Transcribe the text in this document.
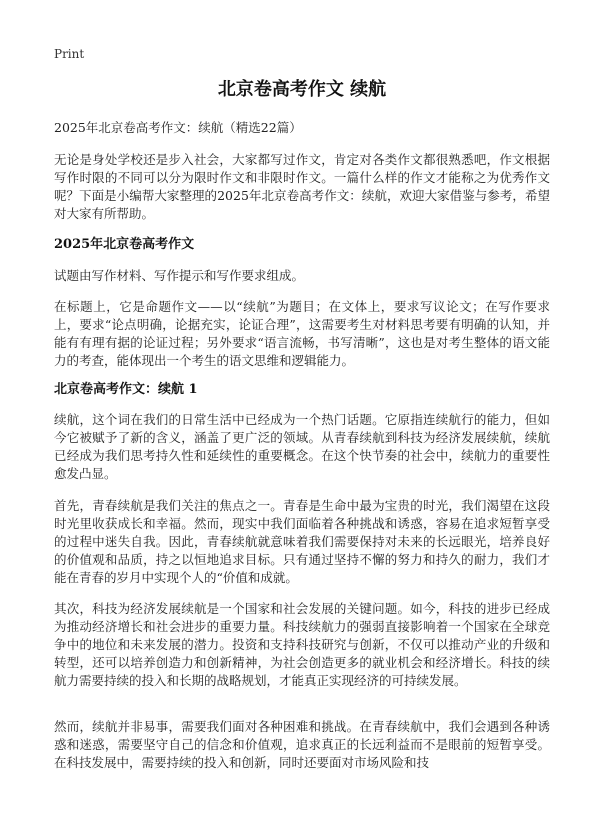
Print
北京卷高考作文 续航

2025年北京卷高考作文：续航（精选22篇）

无论是身处学校还是步入社会，大家都写过作文，肯定对各类作文都很熟悉吧，作文根据写作时限的不同可以分为限时作文和非限时作文。一篇什么样的作文才能称之为优秀作文呢？下面是小编帮大家整理的2025年北京卷高考作文：续航，欢迎大家借鉴与参考，希望对大家有所帮助。

2025年北京卷高考作文

试题由写作材料、写作提示和写作要求组成。

在标题上，它是命题作文——以“续航”为题目；在文体上，要求写议论文；在写作要求上，要求“论点明确，论据充实，论证合理”，这需要考生对材料思考要有明确的认知，并能有有理有据的论证过程；另外要求“语言流畅，书写清晰”，这也是对考生整体的语文能力的考查，能体现出一个考生的语文思维和逻辑能力。

北京卷高考作文：续航 1

续航，这个词在我们的日常生活中已经成为一个热门话题。它原指连续航行的能力，但如今它被赋予了新的含义，涵盖了更广泛的领域。从青春续航到科技为经济发展续航，续航已经成为我们思考持久性和延续性的重要概念。在这个快节奏的社会中，续航力的重要性愈发凸显。

首先，青春续航是我们关注的焦点之一。青春是生命中最为宝贵的时光，我们渴望在这段时光里收获成长和幸福。然而，现实中我们面临着各种挑战和诱惑，容易在追求短暂享受的过程中迷失自我。因此，青春续航就意味着我们需要保持对未来的长远眼光，培养良好的价值观和品质，持之以恒地追求目标。只有通过坚持不懈的努力和持久的耐力，我们才能在青春的岁月中实现个人的“价值和成就。

其次，科技为经济发展续航是一个国家和社会发展的关键问题。如今，科技的进步已经成为推动经济增长和社会进步的重要力量。科技续航力的强弱直接影响着一个国家在全球竞争中的地位和未来发展的潜力。投资和支持科技研究与创新，不仅可以推动产业的升级和转型，还可以培养创造力和创新精神，为社会创造更多的就业机会和经济增长。科技的续航力需要持续的投入和长期的战略规划，才能真正实现经济的可持续发展。

然而，续航并非易事，需要我们面对各种困难和挑战。在青春续航中，我们会遇到各种诱惑和迷惑，需要坚守自己的信念和价值观，追求真正的长远利益而不是眼前的短暂享受。在科技发展中，需要持续的投入和创新，同时还要面对市场风险和技
